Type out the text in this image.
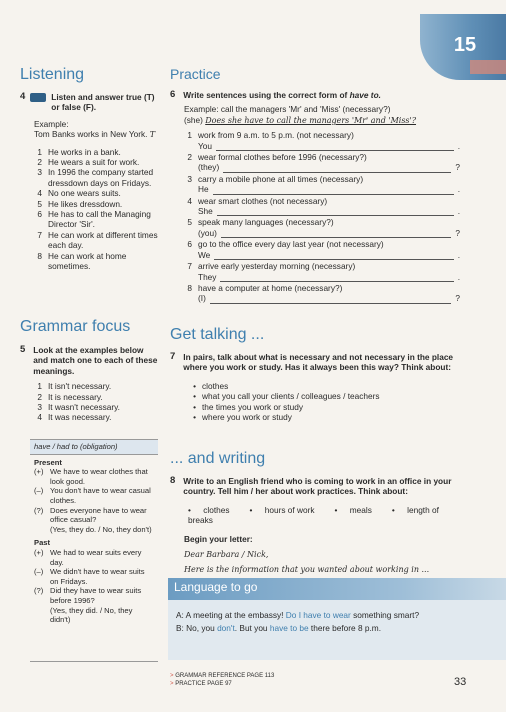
15
Listening
4	Listen and answer true (T) or false (F).
Example:
Tom Banks works in New York. T
1 He works in a bank.
2 He wears a suit for work.
3 In 1996 the company started dressdown days on Fridays.
4 No one wears suits.
5 He likes dressdown.
6 He has to call the Managing Director 'Sir'.
7 He can work at different times each day.
8 He can work at home sometimes.
Grammar focus
5 Look at the examples below and match one to each of these meanings.
1 It isn't necessary.
2 It is necessary.
3 It wasn't necessary.
4 It was necessary.
have / had to (obligation)
Present
(+) We have to wear clothes that look good.
(–) You don't have to wear casual clothes.
(?) Does everyone have to wear office casual?
(Yes, they do. / No, they don't)
Past
(+) We had to wear suits every day.
(–) We didn't have to wear suits on Fridays.
(?) Did they have to wear suits before 1996?
(Yes, they did. / No, they didn't)
Practice
6 Write sentences using the correct form of have to.
Example: call the managers 'Mr' and 'Miss' (necessary?)
(she) Does she have to call the managers 'Mr' and 'Miss'?
1 work from 9 a.m. to 5 p.m. (not necessary)
You	.
2 wear formal clothes before 1996 (necessary?)
(they)	?
3 carry a mobile phone at all times (necessary)
He	.
4 wear smart clothes (not necessary)
She	.
5 speak many languages (necessary?)
(you)	?
6 go to the office every day last year (not necessary)
We	.
7 arrive early yesterday morning (necessary)
They	.
8 have a computer at home (necessary?)
(I)	?
Get talking ...
7 In pairs, talk about what is necessary and not necessary in the place where you work or study. Has it always been this way? Think about:
• clothes
• what you call your clients / colleagues / teachers
• the times you work or study
• where you work or study
... and writing
8 Write to an English friend who is coming to work in an office in your country. Tell him / her about work practices. Think about:
• clothes • hours of work • meals • length of breaks
Begin your letter:
Dear Barbara / Nick,
Here is the information that you wanted about working in ...
Language to go
A: A meeting at the embassy! Do I have to wear something smart?
B: No, you don't. But you have to be there before 8 p.m.
> GRAMMAR REFERENCE PAGE 113
> PRACTICE PAGE 97	33
